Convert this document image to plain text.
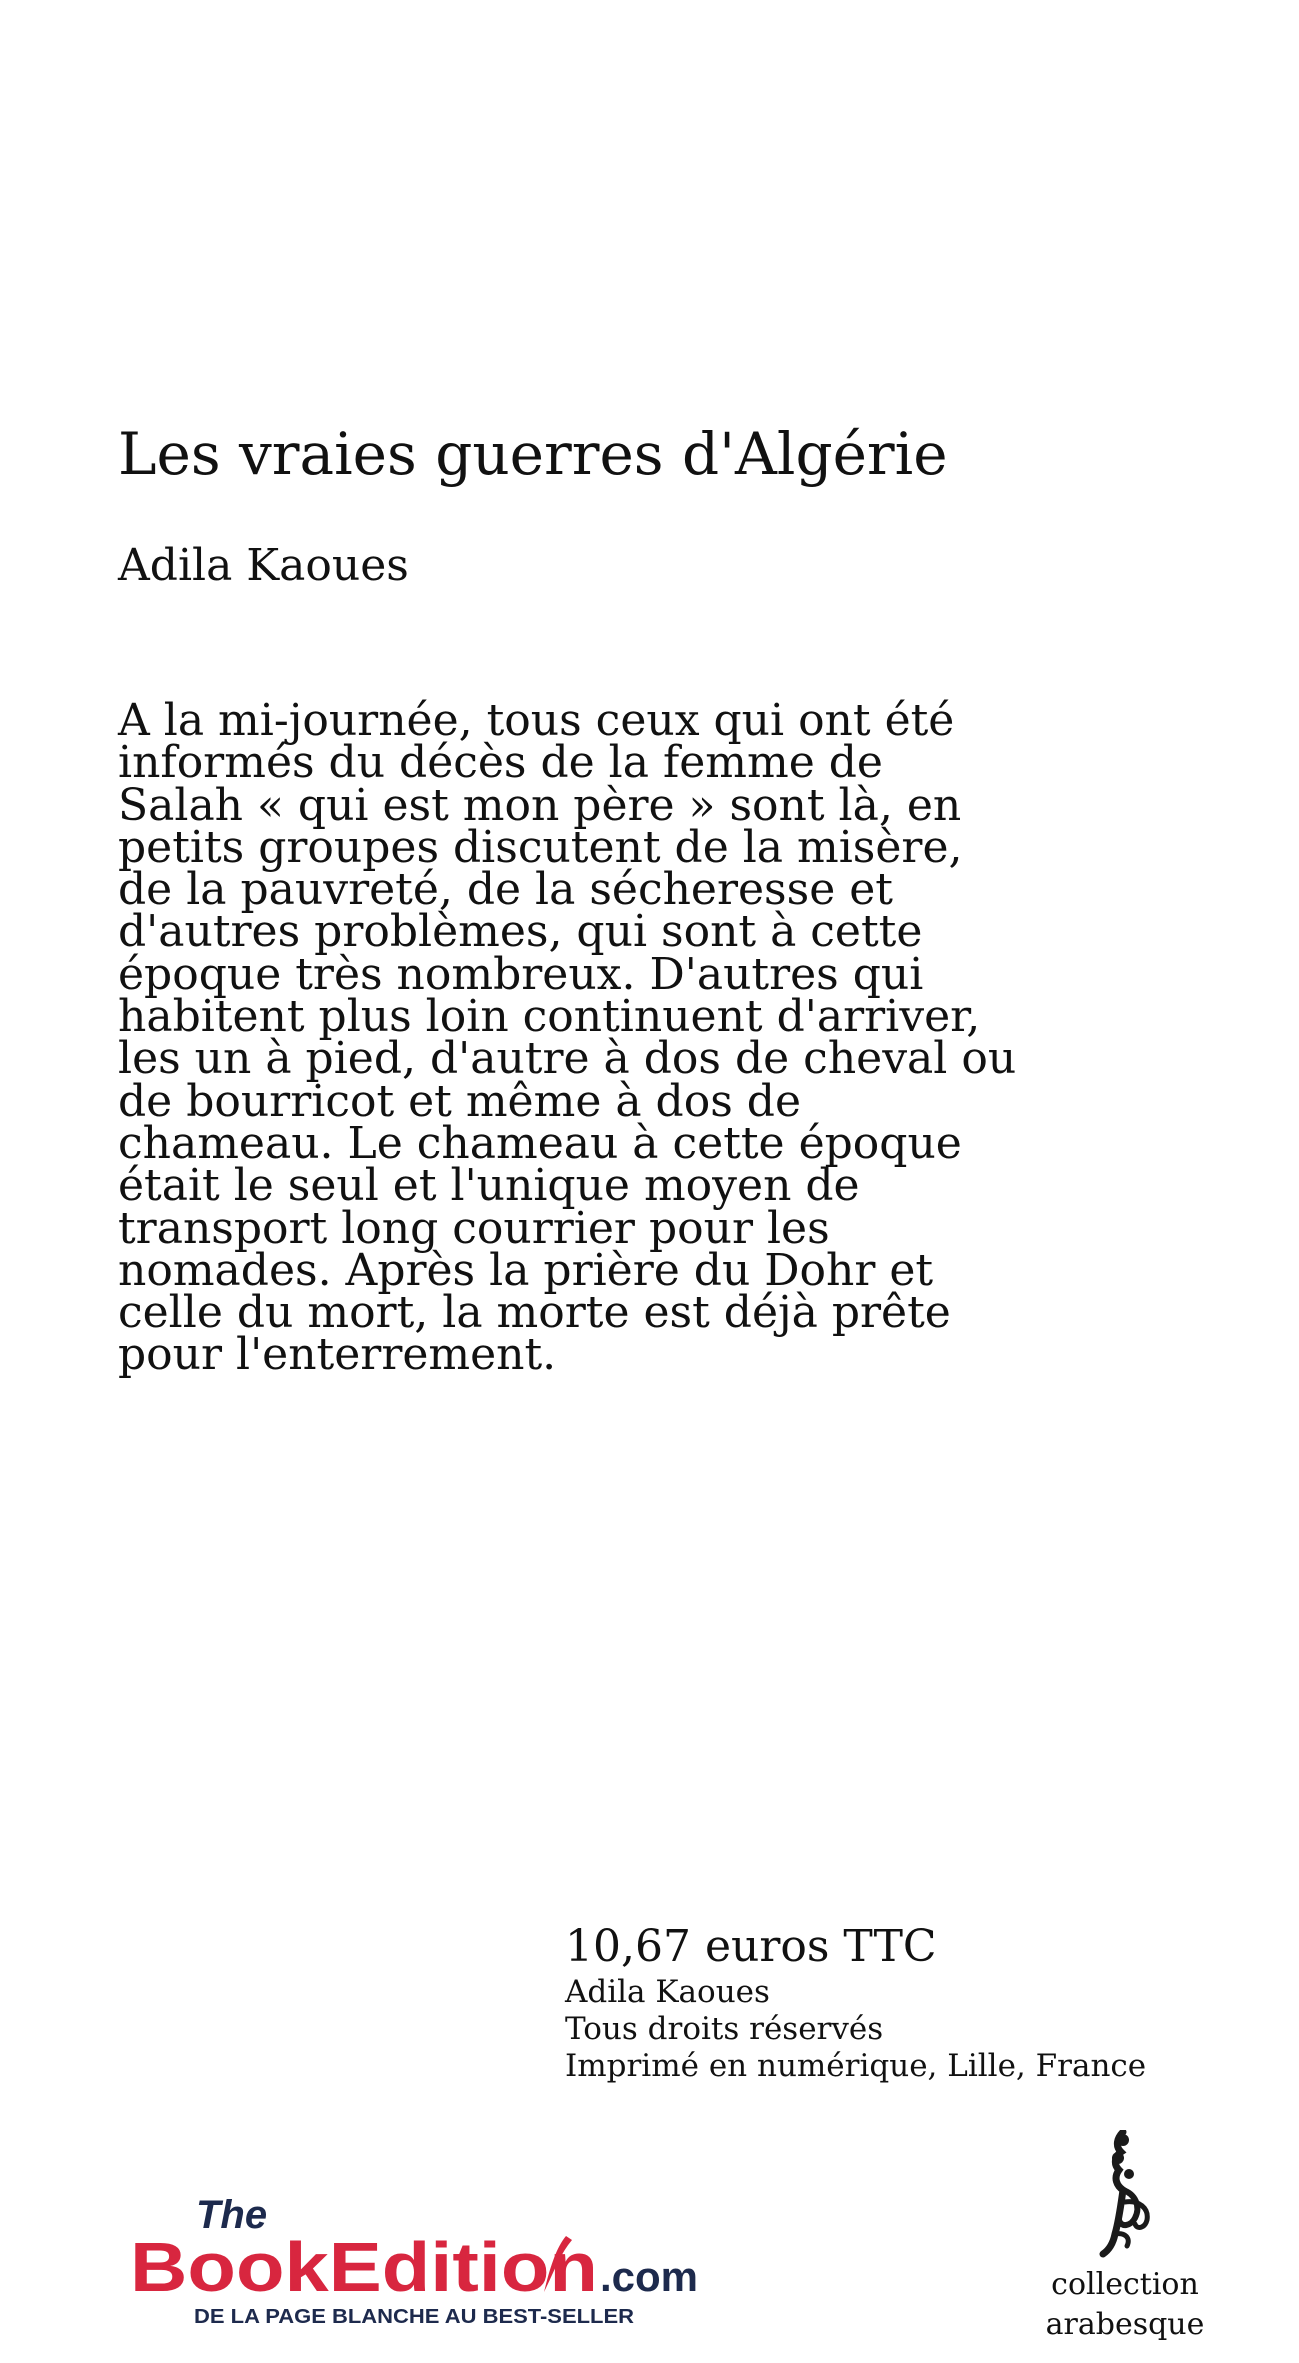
Les vraies guerres d'Algérie
Adila Kaoues
A la mi-journée, tous ceux qui ont été
informés du décès de la femme de
Salah « qui est mon père » sont là, en
petits groupes discutent de la misère,
de la pauvreté, de la sécheresse et
d'autres problèmes, qui sont à cette
époque très nombreux. D'autres qui
habitent plus loin continuent d'arriver,
les un à pied, d'autre à dos de cheval ou
de bourricot et même à dos de
chameau. Le chameau à cette époque
était le seul et l'unique moyen de
transport long courrier pour les
nomades. Après la prière du Dohr et
celle du mort, la morte est déjà prête
pour l'enterrement.
10,67 euros TTC
Adila Kaoues
Tous droits réservés
Imprimé en numérique, Lille, France
The
BookEditi on .com
DE LA PAGE BLANCHE AU BEST-SELLER
collection
arabesque
